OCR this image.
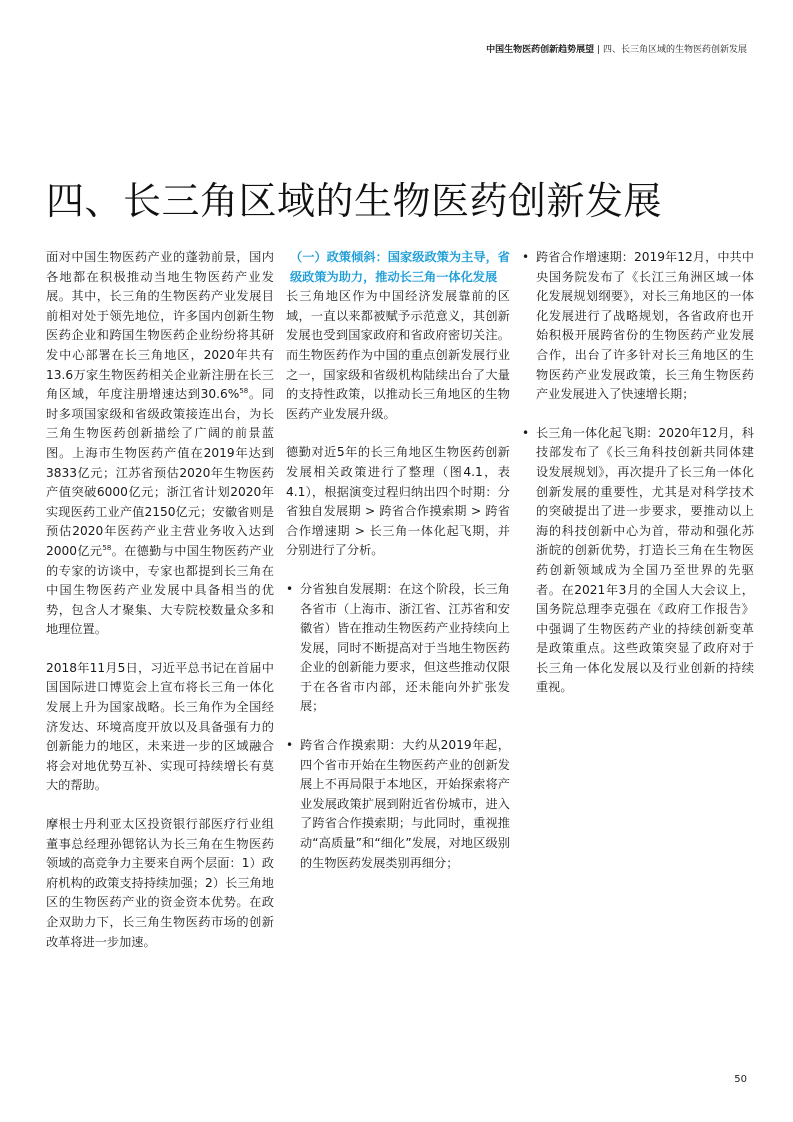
中国生物医药创新趋势展望 | 四、长三角区域的生物医药创新发展
四、长三角区域的生物医药创新发展

面对中国生物医药产业的蓬勃前景，国内各地都在积极推动当地生物医药产业发展。其中，长三角的生物医药产业发展目前相对处于领先地位，许多国内创新生物医药企业和跨国生物医药企业纷纷将其研发中心部署在长三角地区，2020年共有13.6万家生物医药相关企业新注册在长三角区域，年度注册增速达到30.6%$^{58}$。同时多项国家级和省级政策接连出台，为长三角生物医药创新描绘了广阔的前景蓝图。上海市生物医药产值在2019年达到3833亿元；江苏省预估2020年生物医药产值突破6000亿元；浙江省计划2020年实现医药工业产值2150亿元；安徽省则是预估2020年医药产业主营业务收入达到2000亿元$^{58}$。在德勤与中国生物医药产业的专家的访谈中，专家也都提到长三角在中国生物医药产业发展中具备相当的优势，包含人才聚集、大专院校数量众多和地理位置。

2018年11月5日，习近平总书记在首届中国国际进口博览会上宣布将长三角一体化发展上升为国家战略。长三角作为全国经济发达、环境高度开放以及具备强有力的创新能力的地区，未来进一步的区域融合将会对地优势互补、实现可持续增长有莫大的帮助。

摩根士丹利亚太区投资银行部医疗行业组董事总经理孙锶铭认为长三角在生物医药领域的高竞争力主要来自两个层面：1）政府机构的政策支持持续加强；2）长三角地区的生物医药产业的资金资本优势。在政企双助力下，长三角生物医药市场的创新改革将进一步加速。

（一）政策倾斜：国家级政策为主导，省级政策为助力，推动长三角一体化发展

长三角地区作为中国经济发展靠前的区域，一直以来都被赋予示范意义，其创新发展也受到国家政府和省政府密切关注。而生物医药作为中国的重点创新发展行业之一，国家级和省级机构陆续出台了大量的支持性政策，以推动长三角地区的生物医药产业发展升级。

德勤对近5年的长三角地区生物医药创新发展相关政策进行了整理（图4.1，表4.1），根据演变过程归纳出四个时期：分省独自发展期 > 跨省合作摸索期 > 跨省合作增速期 > 长三角一体化起飞期，并分别进行了分析。

• 分省独自发展期：在这个阶段，长三角各省市（上海市、浙江省、江苏省和安徽省）皆在推动生物医药产业持续向上发展，同时不断提高对于当地生物医药企业的创新能力要求，但这些推动仅限于在各省市内部，还未能向外扩张发展；
• 跨省合作摸索期：大约从2019年起，四个省市开始在生物医药产业的创新发展上不再局限于本地区，开始探索将产业发展政策扩展到附近省份城市，进入了跨省合作摸索期；与此同时，重视推动“高质量”和“细化”发展，对地区级别的生物医药发展类别再细分；
• 跨省合作增速期：2019年12月，中共中央国务院发布了《长江三角洲区域一体化发展规划纲要》，对长三角地区的一体化发展进行了战略规划，各省政府也开始积极开展跨省份的生物医药产业发展合作，出台了许多针对长三角地区的生物医药产业发展政策，长三角生物医药产业发展进入了快速增长期；
• 长三角一体化起飞期：2020年12月，科技部发布了《长三角科技创新共同体建设发展规划》，再次提升了长三角一体化创新发展的重要性，尤其是对科学技术的突破提出了进一步要求，要推动以上海的科技创新中心为首，带动和强化苏浙皖的创新优势，打造长三角在生物医药创新领域成为全国乃至世界的先驱者。在2021年3月的全国人大会议上，国务院总理李克强在《政府工作报告》中强调了生物医药产业的持续创新变革是政策重点。这些政策突显了政府对于长三角一体化发展以及行业创新的持续重视。
50
